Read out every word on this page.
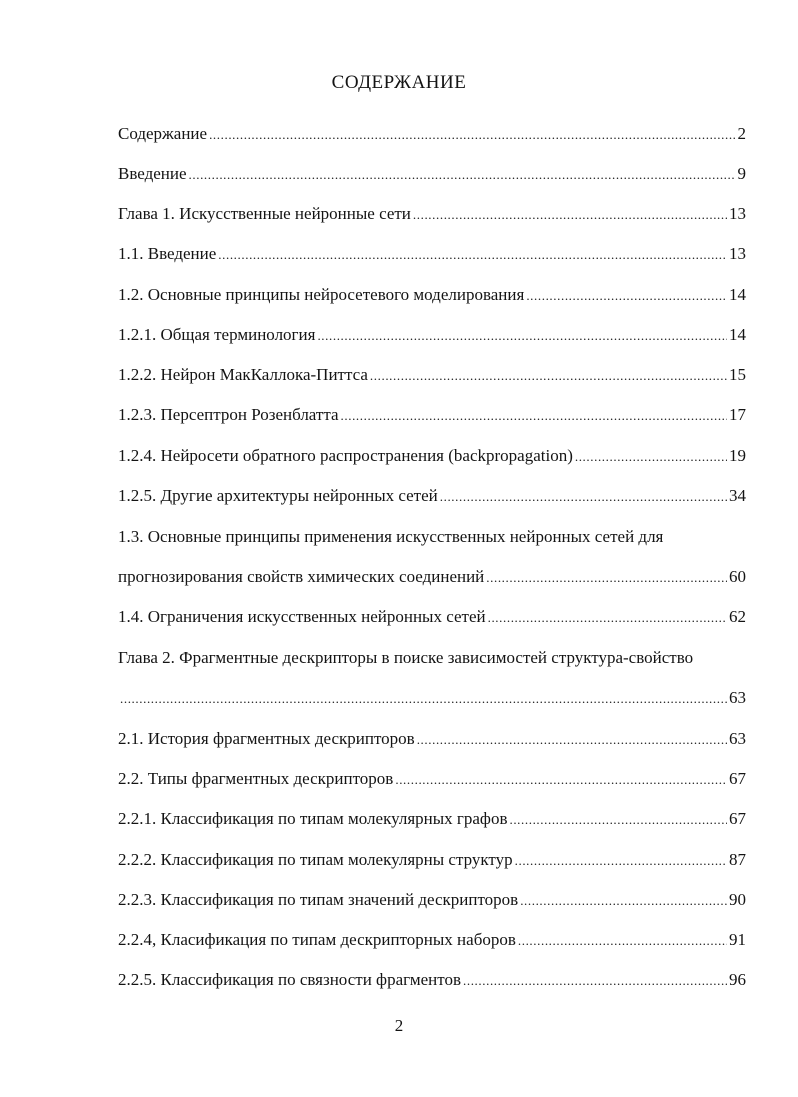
СОДЕРЖАНИЕ
Содержание .....	2
Введение .....	9
Глава 1. Искусственные нейронные сети .....	13
1.1. Введение .....	13
1.2. Основные принципы нейросетевого моделирования .....	14
1.2.1. Общая терминология .....	14
1.2.2. Нейрон МакКаллока-Питтса .....	15
1.2.3. Персептрон Розенблатта .....	17
1.2.4. Нейросети обратного распространения (backpropagation) .....	19
1.2.5. Другие архитектуры нейронных сетей .....	34
1.3. Основные принципы применения искусственных нейронных сетей для
прогнозирования свойств химических соединений .....	60
1.4. Ограничения искусственных нейронных сетей .....	62
Глава 2. Фрагментные дескрипторы в поиске зависимостей структура-свойство
.....
63
2.1. История фрагментных дескрипторов .....	63
2.2. Типы фрагментных дескрипторов .....	67
2.2.1. Классификация по типам молекулярных графов .....	67
2.2.2. Классификация по типам молекулярны структур .....	87
2.2.3. Классификация по типам значений дескрипторов .....	90
2.2.4, Класификация по типам дескрипторных наборов .....	91
2.2.5. Классификация по связности фрагментов .....	96
2
